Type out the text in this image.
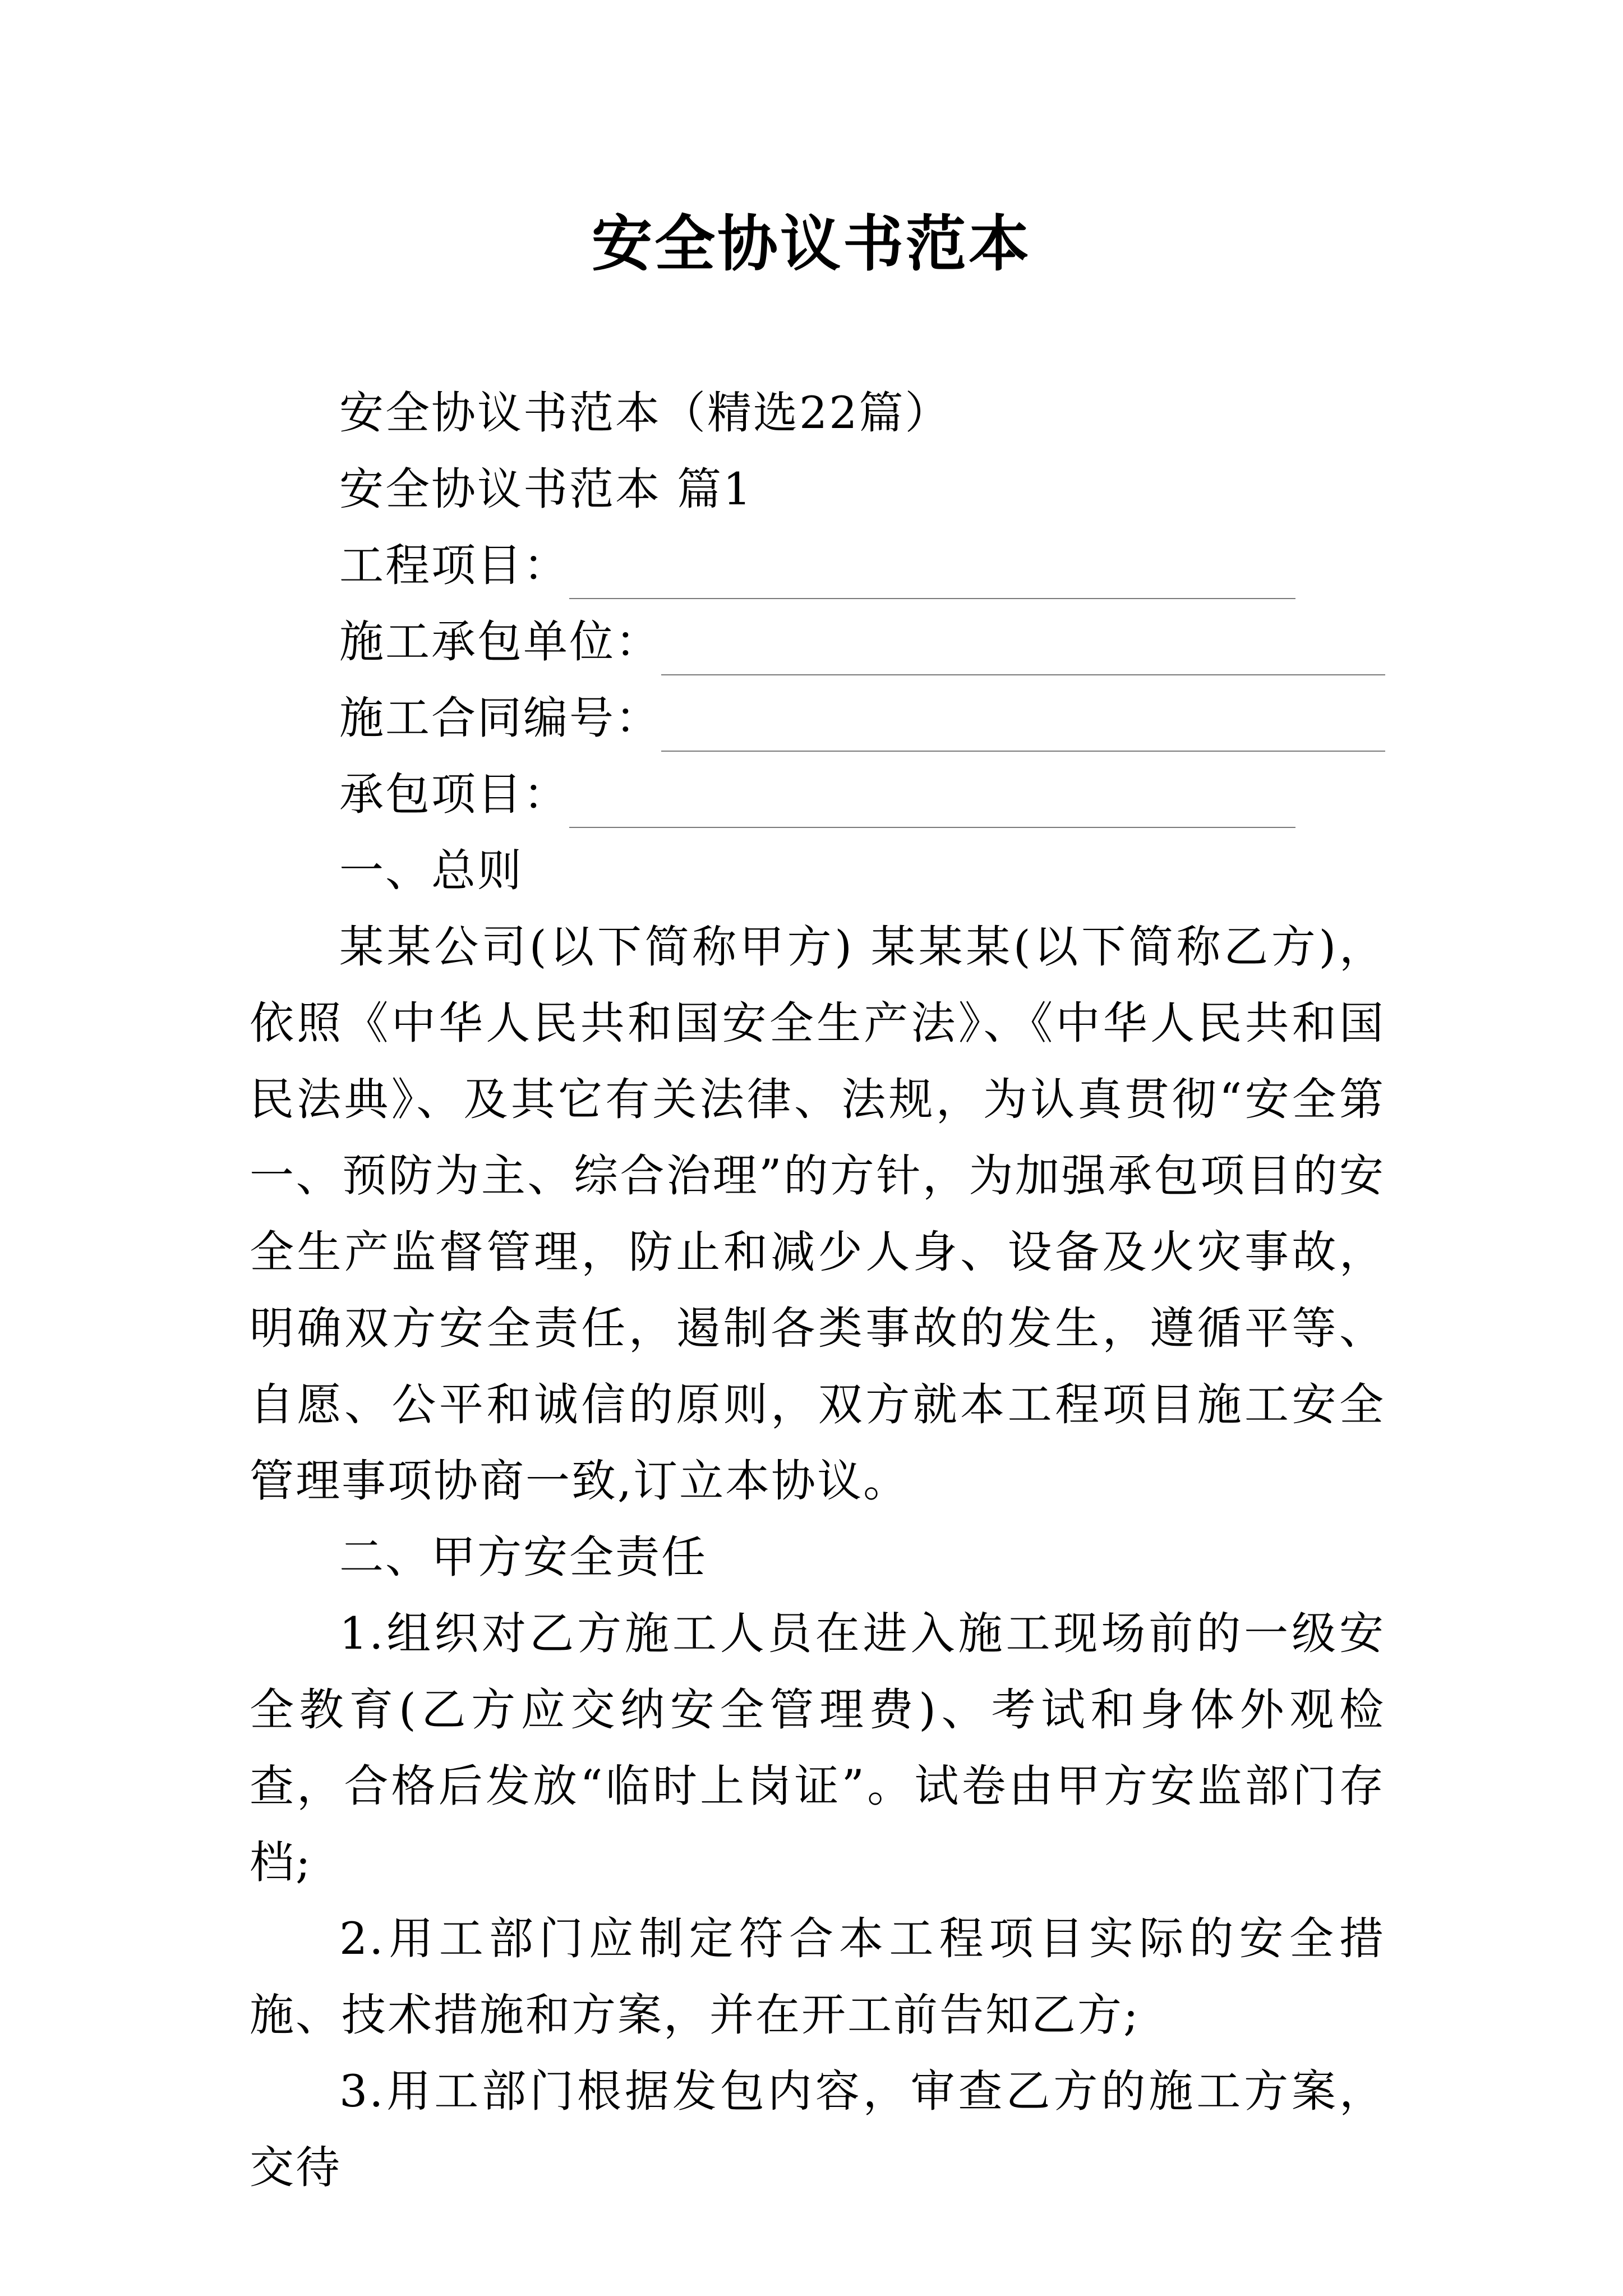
安全协议书范本

安全协议书范本（精选22篇）

安全协议书范本 篇1

工程项目：
施工承包单位：
施工合同编号：
承包项目：

一、总则

某某公司(以下简称甲方) 某某某(以下简称乙方)，依照《中华人民共和国安全生产法》、《中华人民共和国民法典》、及其它有关法律、法规，为认真贯彻“安全第一、预防为主、综合治理”的方针，为加强承包项目的安全生产监督管理，防止和减少人身、设备及火灾事故，明确双方安全责任，遏制各类事故的发生，遵循平等、自愿、公平和诚信的原则，双方就本工程项目施工安全管理事项协商一致,订立本协议。

二、甲方安全责任

1.组织对乙方施工人员在进入施工现场前的一级安全教育(乙方应交纳安全管理费)、考试和身体外观检查，合格后发放“临时上岗证”。试卷由甲方安监部门存档;

2.用工部门应制定符合本工程项目实际的安全措施、技术措施和方案，并在开工前告知乙方;

3.用工部门根据发包内容，审查乙方的施工方案，交待
